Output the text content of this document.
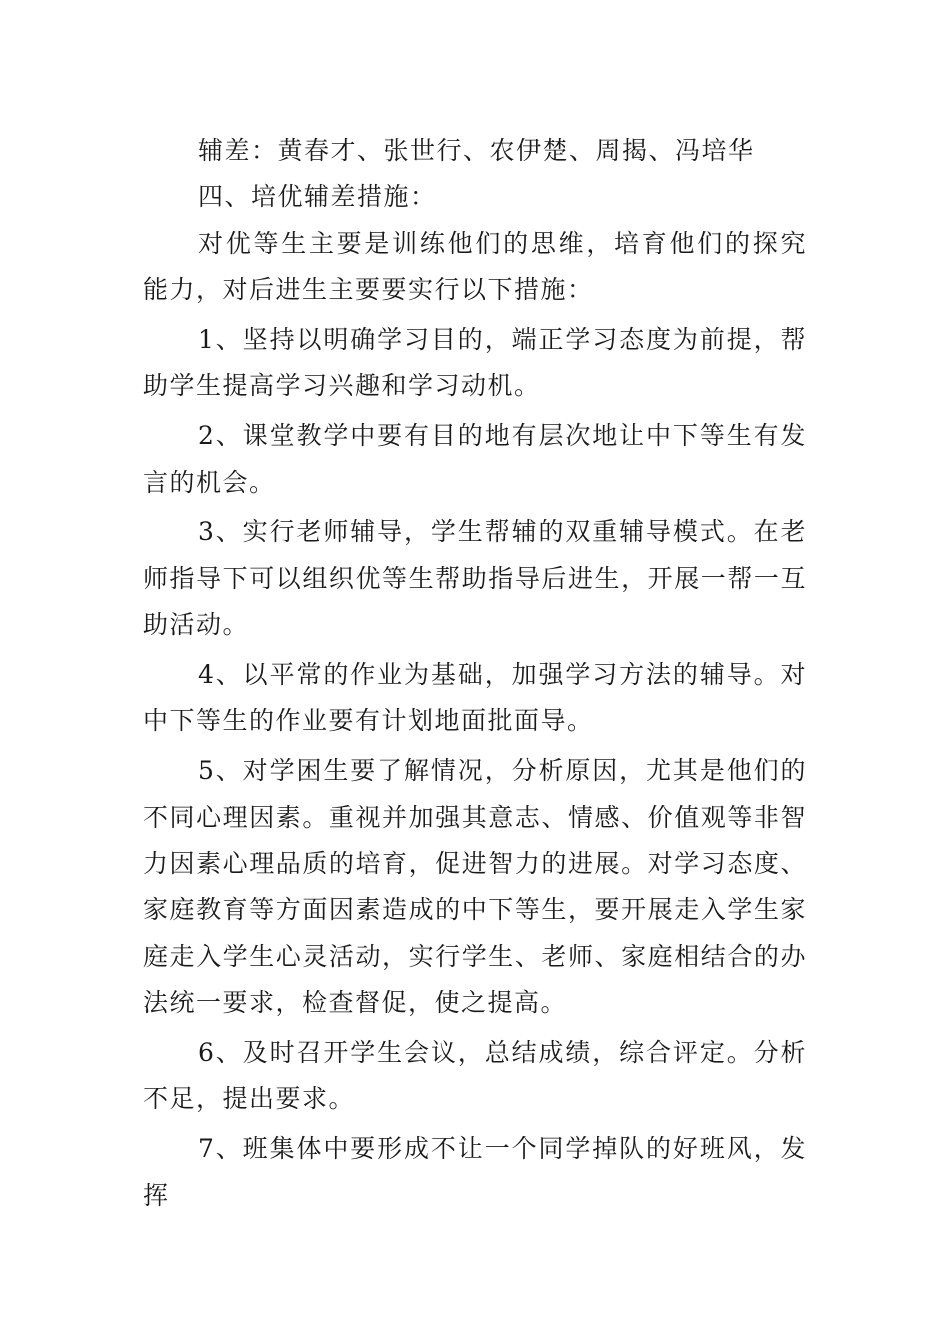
辅差：黄春才、张世行、农伊楚、周揭、冯培华

四、培优辅差措施：

对优等生主要是训练他们的思维，培育他们的探究能力，对后进生主要要实行以下措施：

1、坚持以明确学习目的，端正学习态度为前提，帮助学生提高学习兴趣和学习动机。

2、课堂教学中要有目的地有层次地让中下等生有发言的机会。

3、实行老师辅导，学生帮辅的双重辅导模式。在老师指导下可以组织优等生帮助指导后进生，开展一帮一互助活动。

4、以平常的作业为基础，加强学习方法的辅导。对中下等生的作业要有计划地面批面导。

5、对学困生要了解情况，分析原因，尤其是他们的不同心理因素。重视并加强其意志、情感、价值观等非智力因素心理品质的培育，促进智力的进展。对学习态度、家庭教育等方面因素造成的中下等生，要开展走入学生家庭走入学生心灵活动，实行学生、老师、家庭相结合的办法统一要求，检查督促，使之提高。

6、及时召开学生会议，总结成绩，综合评定。分析不足，提出要求。

7、班集体中要形成不让一个同学掉队的好班风，发挥
